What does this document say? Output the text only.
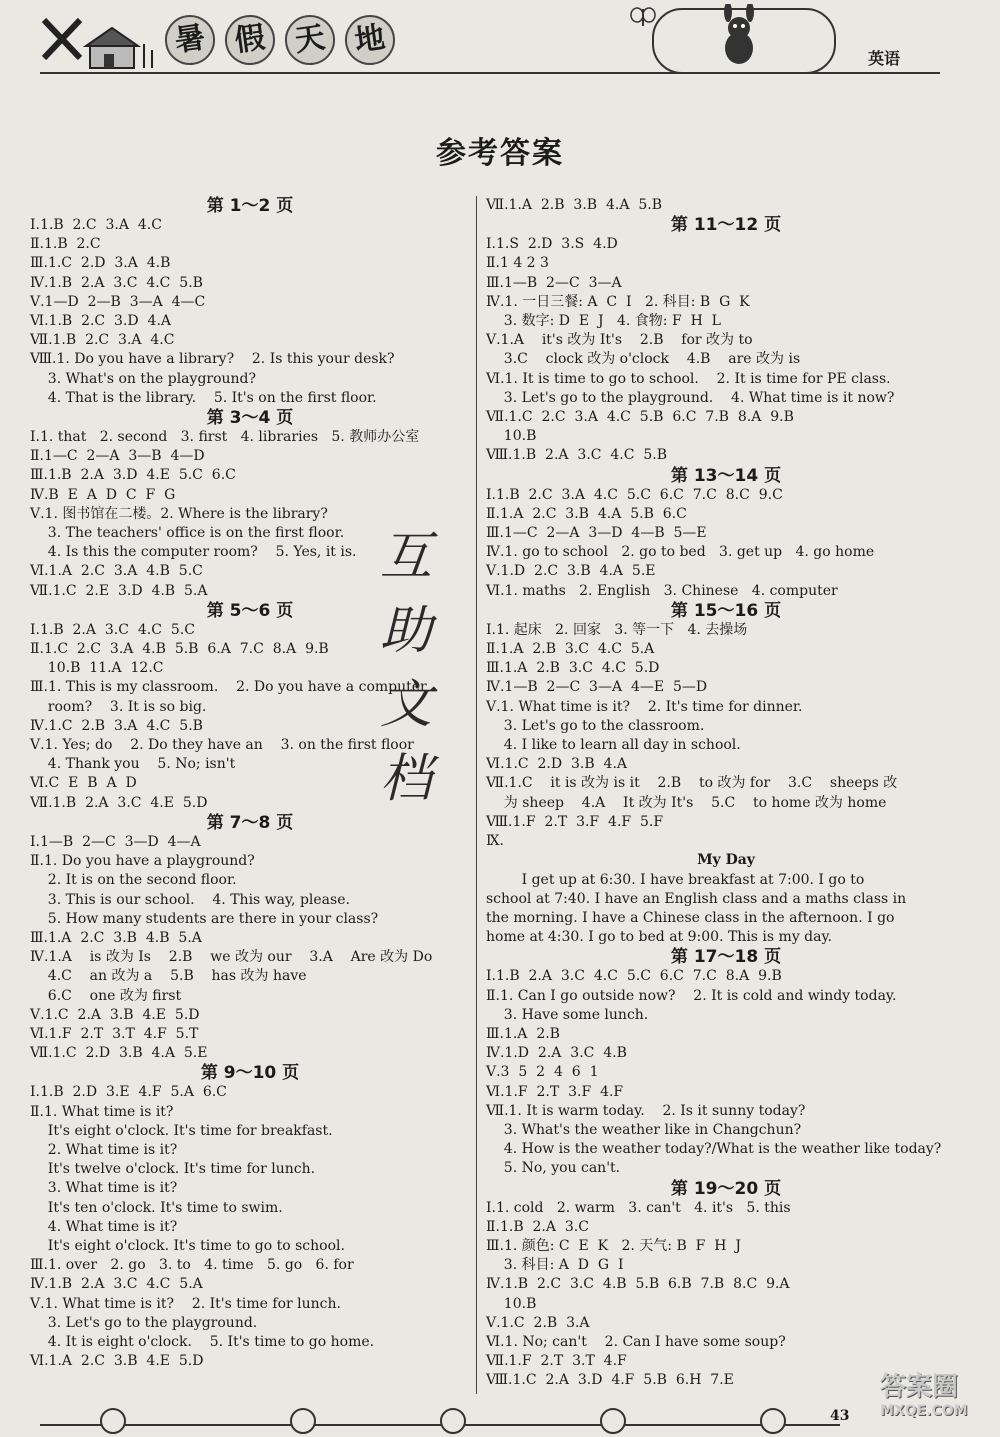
暑 假 天 地	英语
参考答案
第 1～2 页
Ⅰ.1.B  2.C  3.A  4.C
Ⅱ.1.B  2.C
Ⅲ.1.C  2.D  3.A  4.B
Ⅳ.1.B  2.A  3.C  4.C  5.B
Ⅴ.1—D  2—B  3—A  4—C
Ⅵ.1.B  2.C  3.D  4.A
Ⅶ.1.B  2.C  3.A  4.C
Ⅷ.1. Do you have a library?    2. Is this your desk?
3. What's on the playground?
4. That is the library.    5. It's on the first floor.
第 3～4 页
Ⅰ.1. that   2. second   3. first   4. libraries   5. 教师办公室
Ⅱ.1—C  2—A  3—B  4—D
Ⅲ.1.B  2.A  3.D  4.E  5.C  6.C
Ⅳ.B  E  A  D  C  F  G
Ⅴ.1. 图书馆在二楼。2. Where is the library?
3. The teachers' office is on the first floor.
4. Is this the computer room?    5. Yes, it is.
Ⅵ.1.A  2.C  3.A  4.B  5.C
Ⅶ.1.C  2.E  3.D  4.B  5.A
第 5～6 页
Ⅰ.1.B  2.A  3.C  4.C  5.C
Ⅱ.1.C  2.C  3.A  4.B  5.B  6.A  7.C  8.A  9.B
10.B  11.A  12.C
Ⅲ.1. This is my classroom.    2. Do you have a computer
room?    3. It is so big.
Ⅳ.1.C  2.B  3.A  4.C  5.B
Ⅴ.1. Yes; do    2. Do they have an    3. on the first floor
4. Thank you    5. No; isn't
Ⅵ.C  E  B  A  D
Ⅶ.1.B  2.A  3.C  4.E  5.D
第 7～8 页
Ⅰ.1—B  2—C  3—D  4—A
Ⅱ.1. Do you have a playground?
2. It is on the second floor.
3. This is our school.    4. This way, please.
5. How many students are there in your class?
Ⅲ.1.A  2.C  3.B  4.B  5.A
Ⅳ.1.A    is 改为 Is    2.B    we 改为 our    3.A    Are 改为 Do
4.C    an 改为 a    5.B    has 改为 have
6.C    one 改为 first
Ⅴ.1.C  2.A  3.B  4.E  5.D
Ⅵ.1.F  2.T  3.T  4.F  5.T
Ⅶ.1.C  2.D  3.B  4.A  5.E
第 9～10 页
Ⅰ.1.B  2.D  3.E  4.F  5.A  6.C
Ⅱ.1. What time is it?
It's eight o'clock. It's time for breakfast.
2. What time is it?
It's twelve o'clock. It's time for lunch.
3. What time is it?
It's ten o'clock. It's time to swim.
4. What time is it?
It's eight o'clock. It's time to go to school.
Ⅲ.1. over   2. go   3. to   4. time   5. go   6. for
Ⅳ.1.B  2.A  3.C  4.C  5.A
Ⅴ.1. What time is it?    2. It's time for lunch.
3. Let's go to the playground.
4. It is eight o'clock.    5. It's time to go home.
Ⅵ.1.A  2.C  3.B  4.E  5.D
Ⅶ.1.A  2.B  3.B  4.A  5.B
第 11～12 页
Ⅰ.1.S  2.D  3.S  4.D
Ⅱ.1 4 2 3
Ⅲ.1—B  2—C  3—A
Ⅳ.1. 一日三餐: A  C  I   2. 科目: B  G  K
3. 数字: D  E  J   4. 食物: F  H  L
Ⅴ.1.A    it's 改为 It's    2.B    for 改为 to
3.C    clock 改为 o'clock    4.B    are 改为 is
Ⅵ.1. It is time to go to school.    2. It is time for PE class.
3. Let's go to the playground.    4. What time is it now?
Ⅶ.1.C  2.C  3.A  4.C  5.B  6.C  7.B  8.A  9.B
10.B
Ⅷ.1.B  2.A  3.C  4.C  5.B
第 13～14 页
Ⅰ.1.B  2.C  3.A  4.C  5.C  6.C  7.C  8.C  9.C
Ⅱ.1.A  2.C  3.B  4.A  5.B  6.C
Ⅲ.1—C  2—A  3—D  4—B  5—E
Ⅳ.1. go to school   2. go to bed   3. get up   4. go home
Ⅴ.1.D  2.C  3.B  4.A  5.E
Ⅵ.1. maths   2. English   3. Chinese   4. computer
第 15～16 页
Ⅰ.1. 起床   2. 回家   3. 等一下   4. 去操场
Ⅱ.1.A  2.B  3.C  4.C  5.A
Ⅲ.1.A  2.B  3.C  4.C  5.D
Ⅳ.1—B  2—C  3—A  4—E  5—D
Ⅴ.1. What time is it?    2. It's time for dinner.
3. Let's go to the classroom.
4. I like to learn all day in school.
Ⅵ.1.C  2.D  3.B  4.A
Ⅶ.1.C    it is 改为 is it    2.B    to 改为 for    3.C    sheeps 改
为 sheep    4.A    It 改为 It's    5.C    to home 改为 home
Ⅷ.1.F  2.T  3.F  4.F  5.F
Ⅸ.
My Day
I get up at 6:30. I have breakfast at 7:00. I go to
school at 7:40. I have an English class and a maths class in
the morning. I have a Chinese class in the afternoon. I go
home at 4:30. I go to bed at 9:00. This is my day.
第 17～18 页
Ⅰ.1.B  2.A  3.C  4.C  5.C  6.C  7.C  8.A  9.B
Ⅱ.1. Can I go outside now?    2. It is cold and windy today.
3. Have some lunch.
Ⅲ.1.A  2.B
Ⅳ.1.D  2.A  3.C  4.B
Ⅴ.3  5  2  4  6  1
Ⅵ.1.F  2.T  3.F  4.F
Ⅶ.1. It is warm today.    2. Is it sunny today?
3. What's the weather like in Changchun?
4. How is the weather today?/What is the weather like today?
5. No, you can't.
第 19～20 页
Ⅰ.1. cold   2. warm   3. can't   4. it's   5. this
Ⅱ.1.B  2.A  3.C
Ⅲ.1. 颜色: C  E  K   2. 天气: B  F  H  J
3. 科目: A  D  G  I
Ⅳ.1.B  2.C  3.C  4.B  5.B  6.B  7.B  8.C  9.A
10.B
Ⅴ.1.C  2.B  3.A
Ⅵ.1. No; can't    2. Can I have some soup?
Ⅶ.1.F  2.T  3.T  4.F
Ⅷ.1.C  2.A  3.D  4.F  5.B  6.H  7.E
互
助
文
档
43
答案圈
MXQE.COM
